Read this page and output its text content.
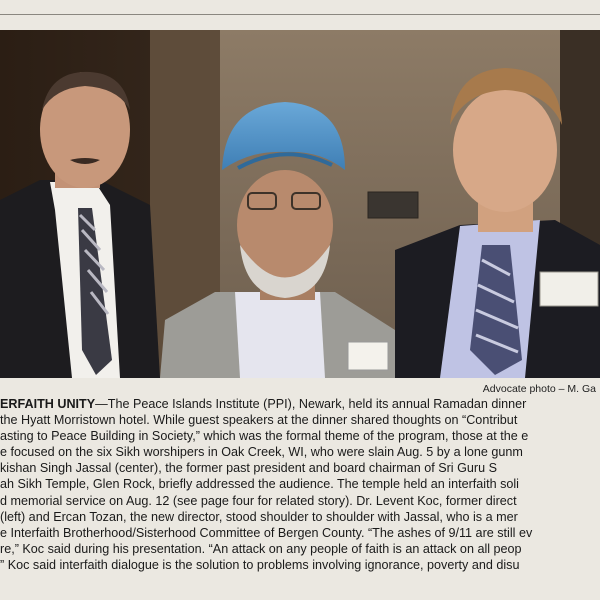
Advocate photo – M. Ga
ERFAITH UNITY—The Peace Islands Institute (PPI), Newark, held its annual Ramadan dinner
the Hyatt Morristown hotel. While guest speakers at the dinner shared thoughts on “Contribut
asting to Peace Building in Society,” which was the formal theme of the program, those at the e
e focused on the six Sikh worshipers in Oak Creek, WI, who were slain Aug. 5 by a lone gunm
kishan Singh Jassal (center), the former past president and board chairman of Sri Guru S
ah Sikh Temple, Glen Rock, briefly addressed the audience. The temple held an interfaith soli
d memorial service on Aug. 12 (see page four for related story). Dr. Levent Koc, former direct
(left) and Ercan Tozan, the new director, stood shoulder to shoulder with Jassal, who is a mer
e Interfaith Brotherhood/Sisterhood Committee of Bergen County. “The ashes of 9/11 are still ev
re,” Koc said during his presentation. “An attack on any people of faith is an attack on all peop
” Koc said interfaith dialogue is the solution to problems involving ignorance, poverty and disu
